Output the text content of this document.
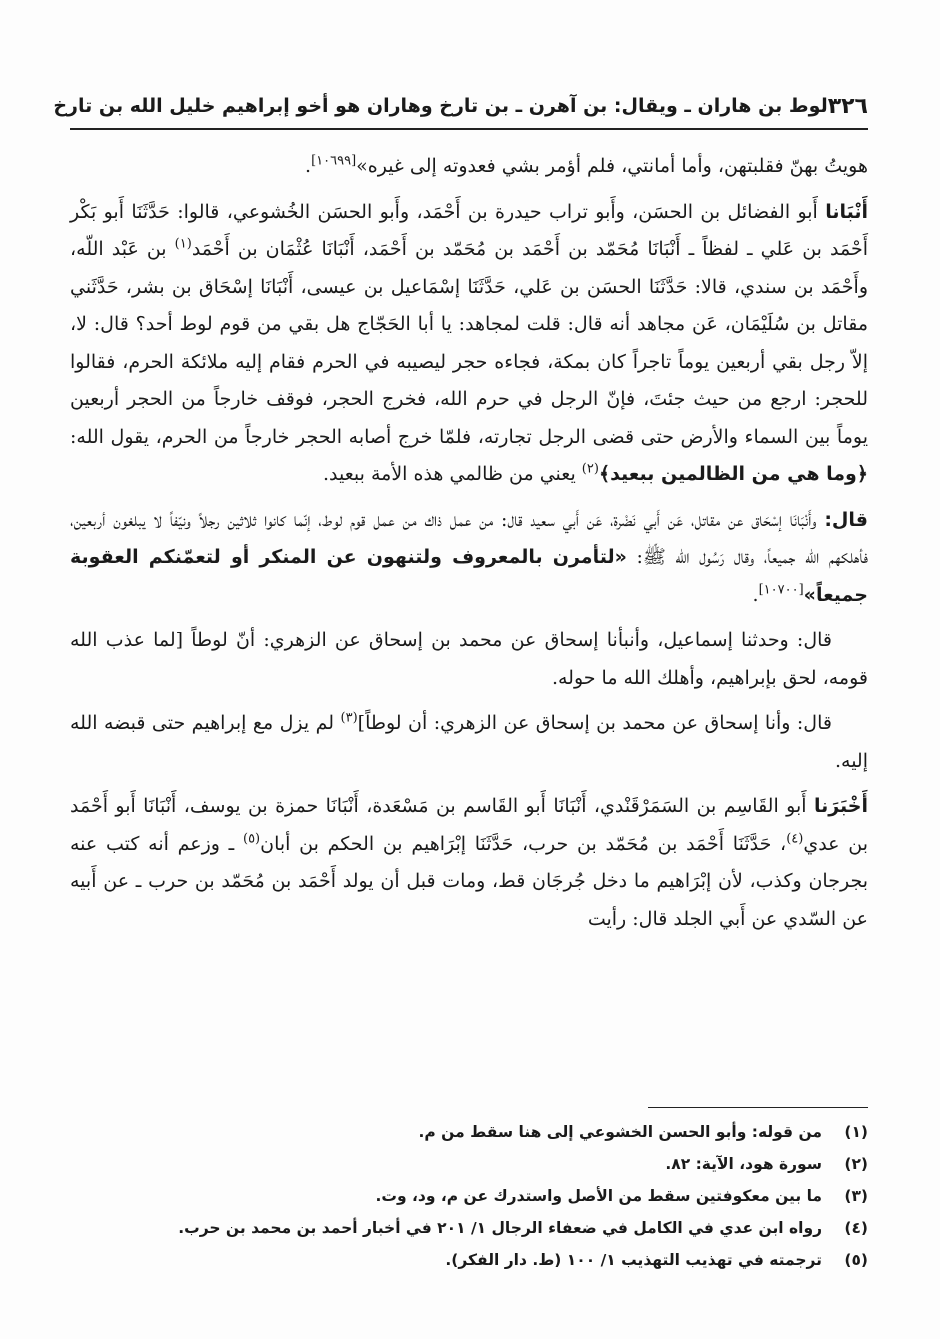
٣٢٦
لوط بن هاران ـ ويقال: بن آهرن ـ بن تارخ وهاران هو أخو إبراهيم خليل الله بن تارخ

هويتُ بهنّ فقلبتهن، وأما أمانتي، فلم أؤمر بشي فعدوته إلى غيره»[١٠٦٩٩].

أَنْبَانا أَبو الفضائل بن الحسَن، وأَبو تراب حيدرة بن أَحْمَد، وأَبو الحسَن الخُشوعي، قالوا: حَدَّثَنَا أَبو بَكْر أَحْمَد بن عَلي ـ لفظاً ـ أَنْبَانَا مُحَمّد بن أَحْمَد بن مُحَمّد بن أَحْمَد، أَنْبَانَا عُثْمَان بن أَحْمَد$^{(١)}$ بن عَبْد اللّه، وأَحْمَد بن سندي، قالا: حَدَّثَنَا الحسَن بن عَلي، حَدَّثَنَا إسْمَاعيل بن عيسى، أَنْبَانَا إسْحَاق بن بشر، حَدَّثَني مقاتل بن سُلَيْمَان، عَن مجاهد أنه قال: قلت لمجاهد: يا أبا الحَجّاج هل بقي من قوم لوط أحد؟ قال: لا، إلاّ رجل بقي أربعين يوماً تاجراً كان بمكة، فجاءه حجر ليصيبه في الحرم فقام إليه ملائكة الحرم، فقالوا للحجر: ارجع من حيث جئتَ، فإنّ الرجل في حرم الله، فخرج الحجر، فوقف خارجاً من الحجر أربعين يوماً بين السماء والأرض حتى قضى الرجل تجارته، فلمّا خرج أصابه الحجر خارجاً من الحرم، يقول الله: ﴿وما هي من الظالمين ببعيد﴾$^{(٢)}$ يعني من ظالمي هذه الأمة ببعيد.

قال: وأَنْبَانَا إسْحَاق عن مقاتل، عَن أَبي نَضْرة، عَن أَبي سعيد قال: من عمل ذاك من عمل قوم لوط، إنّما كانوا ثلاثين رجلاً ونيّفاً لا يبلغون أربعين، فأهلكهم الله جميعاً، وقال رَسُول الله ﷺ: «لتأمرن بالمعروف ولتنهون عن المنكر أو لتعمّنكم العقوبة جميعاً»[١٠٧٠٠].

قال: وحدثنا إسماعيل، وأنبأنا إسحاق عن محمد بن إسحاق عن الزهري: أنّ لوطاً [لما عذب الله قومه، لحق بإبراهيم، وأهلك الله ما حوله.

قال: وأنا إسحاق عن محمد بن إسحاق عن الزهري: أن لوطاً]$^{(٣)}$ لم يزل مع إبراهيم حتى قبضه الله إليه.

أَخْبَرَنا أَبو القَاسِم بن السَمَرْقَنْدي، أَنْبَانَا أَبو القَاسم بن مَسْعَدة، أَنْبَانَا حمزة بن يوسف، أَنْبَانَا أَبو أَحْمَد بن عدي$^{(٤)}$، حَدَّثَنَا أَحْمَد بن مُحَمّد بن حرب، حَدَّثَنَا إبْرَاهيم بن الحكم بن أبان$^{(٥)}$ ـ وزعم أنه كتب عنه بجرجان وكذب، لأن إبْرَاهيم ما دخل جُرجَان قط، ومات قبل أن يولد أَحْمَد بن مُحَمّد بن حرب ـ عن أَبيه عن السّدي عن أَبي الجلد قال: رأيت

(١)
من قوله: وأبو الحسن الخشوعي إلى هنا سقط من م.
(٢)
سورة هود، الآية: ٨٢.
(٣)
ما بين معكوفتين سقط من الأصل واستدرك عن م، ود، وت.
(٤)
رواه ابن عدي في الكامل في ضعفاء الرجال ١/ ٢٠١ في أخبار أحمد بن محمد بن حرب.
(٥)
ترجمته في تهذيب التهذيب ١/ ١٠٠ (ط. دار الفكر).
